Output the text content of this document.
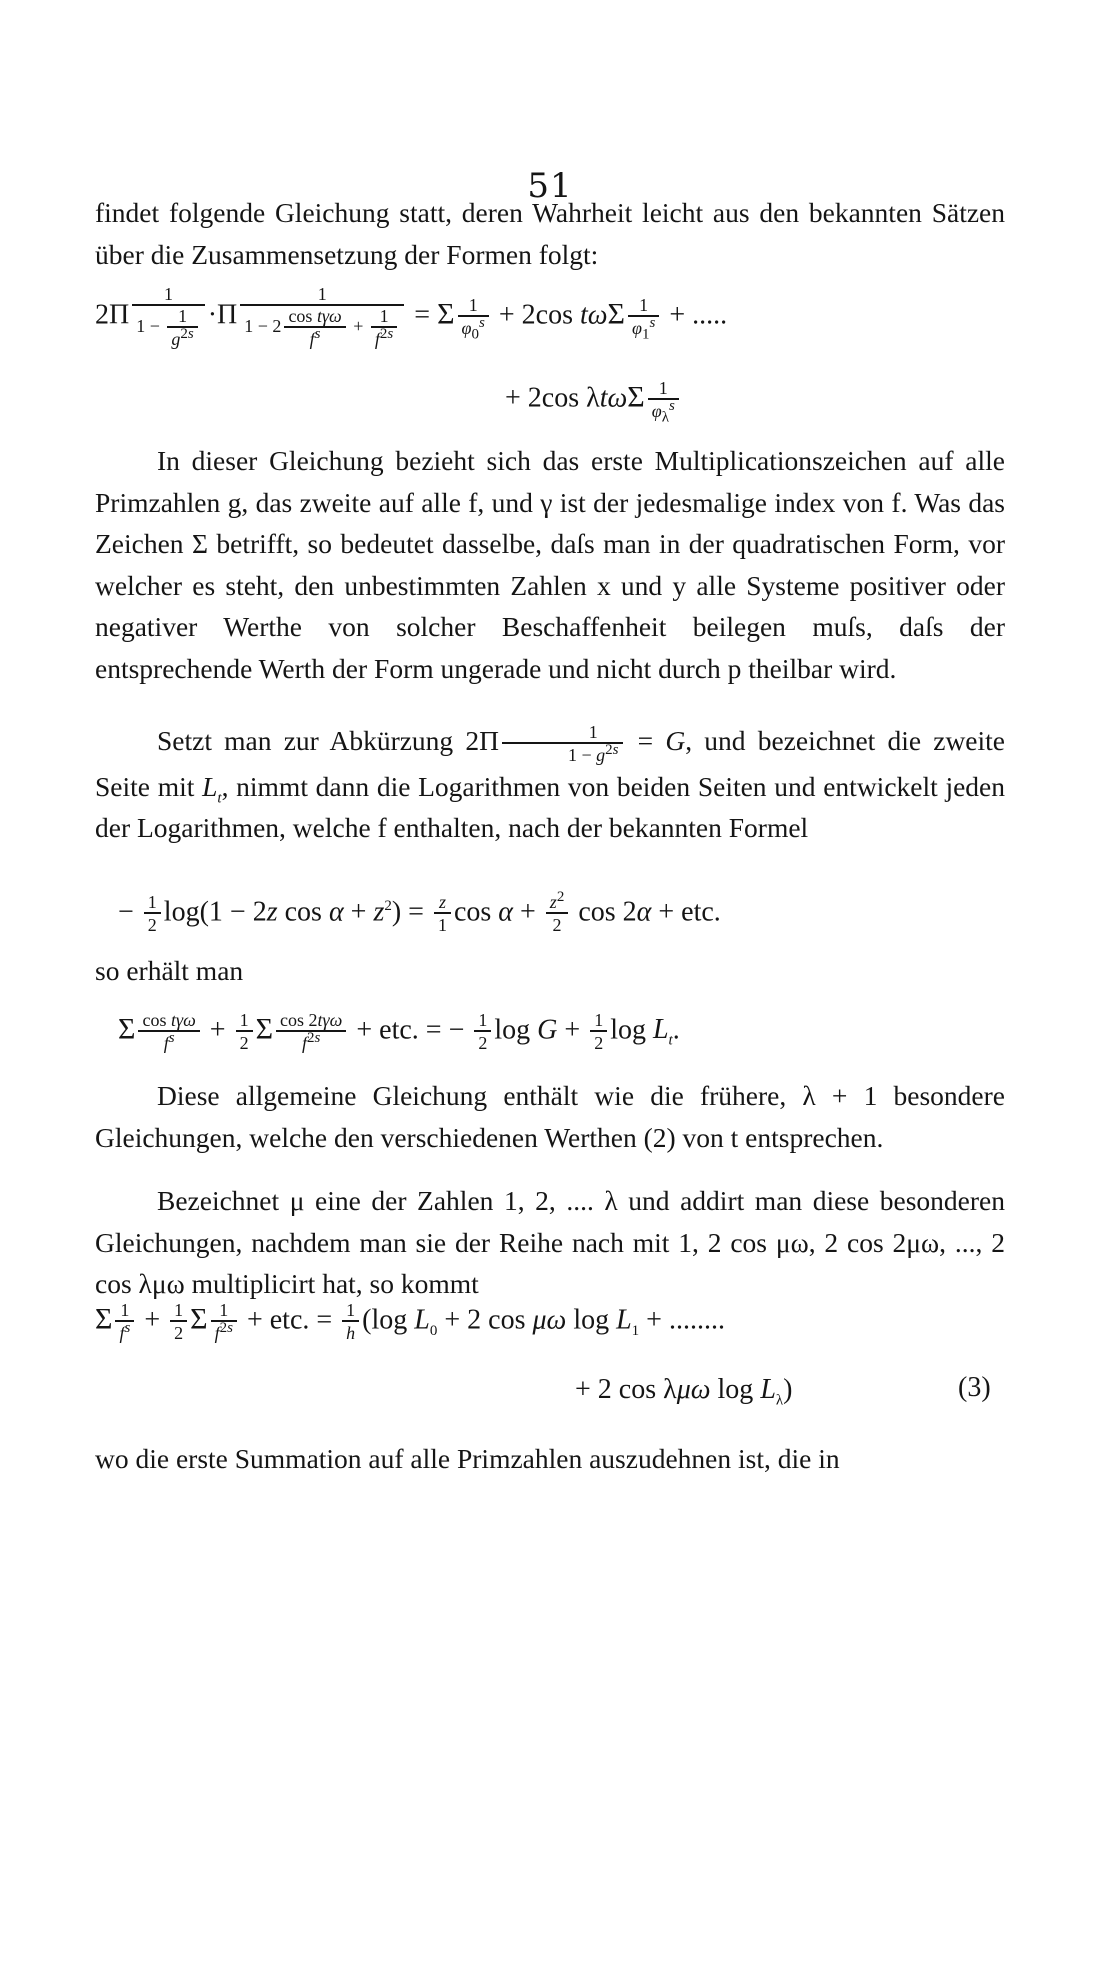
51
findet folgende Gleichung statt, deren Wahrheit leicht aus den bekannten Sätzen über die Zusammensetzung der Formen folgt:
$2\Pi \frac{1}{1 - \frac{1}{g^{2s}}} \cdot\Pi \frac{1}{1 - 2 \frac{\text{cos tγω}}{f^s} + \frac{1}{f^{2s}}} = \Sigma \frac{1}{\varphi_0^s} + 2\cos$ tωΣ $\frac{1}{\varphi_1^s}$ + .....
+ 2cos λtωΣ $\frac{1}{\varphi_\lambda^s}$
In dieser Gleichung bezieht sich das erste Multiplicationszeichen auf alle Primzahlen g, das zweite auf alle f, und γ ist der jedesmalige index von f. Was das Zeichen Σ betrifft, so bedeutet dasselbe, daſs man in der quadratischen Form, vor welcher es steht, den unbestimmten Zahlen x und y alle Systeme positiver oder negativer Werthe von solcher Beschaffenheit beilegen muſs, daſs der entsprechende Werth der Form ungerade und nicht durch p theilbar wird.
Setzt man zur Abkürzung $2\Pi \frac{1}{1 - g^{2s}} = G$, und bezeichnet die zweite Seite mit $L_t$, nimmt dann die Logarithmen von beiden Seiten und entwickelt jeden der Logarithmen, welche f enthalten, nach der bekannten Formel
− $\frac{1}{2} \log(1 - 2z$ $\cos \alpha + z^2) = \frac{z}{1}$ $\cos \alpha + \frac{z^2}{2}$ cos 2α + etc.
so erhält man
Σ $\frac{\text{cos tγω}}{f^s} + \frac{1}{2}$ Σ $\frac{\text{cos 2tγω}}{f^{2s}}$ + etc. = − $\frac{1}{2}$ $\log G + \frac{1}{2}$ $\log L_t$.
Diese allgemeine Gleichung enthält wie die frühere, λ + 1 besondere Gleichungen, welche den verschiedenen Werthen (2) von t entsprechen.
Bezeichnet μ eine der Zahlen 1, 2, .... λ und addirt man diese besonderen Gleichungen, nachdem man sie der Reihe nach mit 1, 2 cos μω, 2 cos 2μω, ..., 2 cos λμω multiplicirt hat, so kommt
Σ $\frac{1}{f^s} + \frac{1}{2}$ Σ $\frac{1}{f^{2s}}$ + etc. = $\frac{1}{h} (\log$ $L_0 + 2$ cos μω $\log L_1$ + ........
+ 2 cos λμω $\log L_\lambda$)	(3)
wo die erste Summation auf alle Primzahlen auszudehnen ist, die in
